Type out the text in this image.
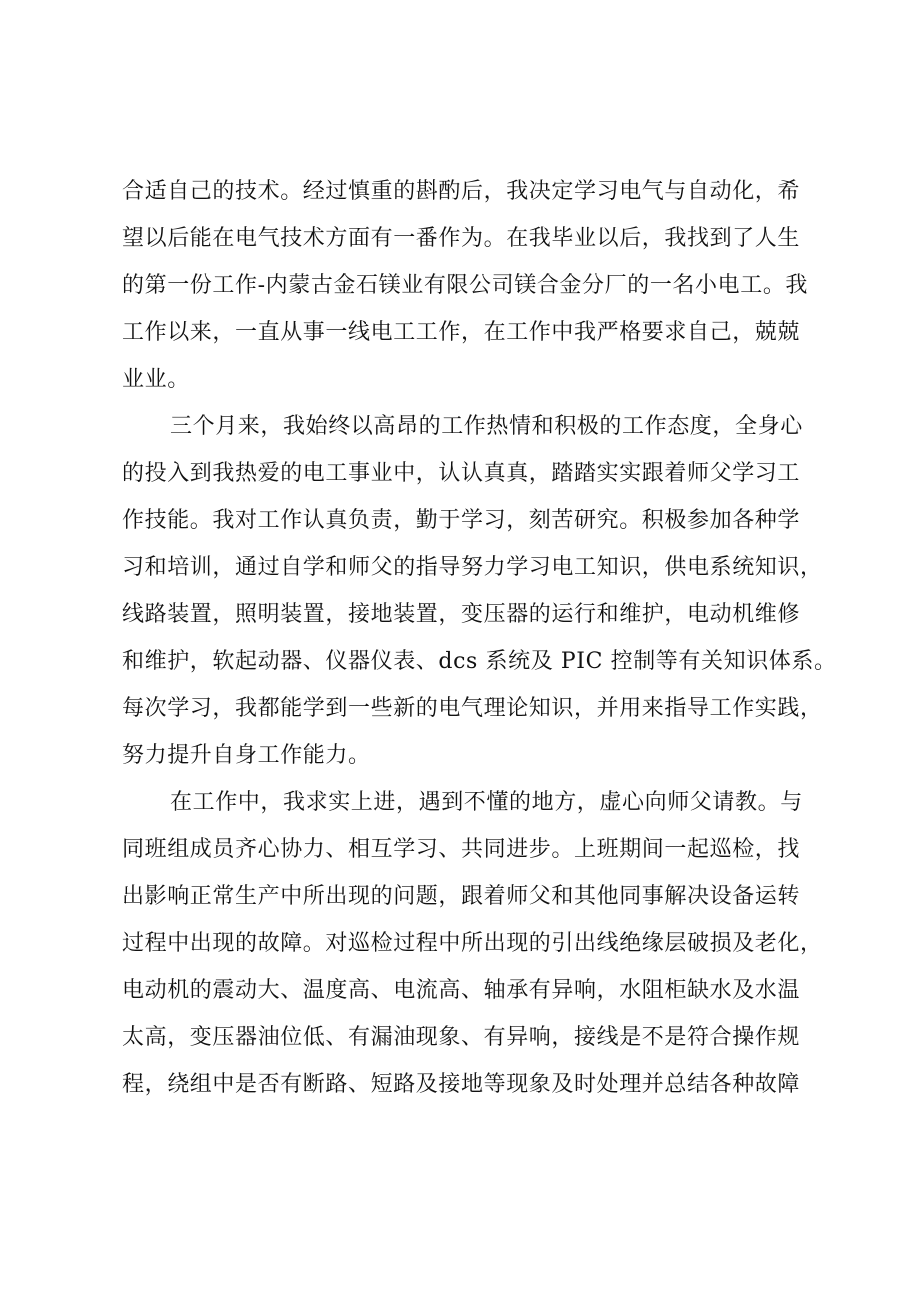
合适自己的技术。经过慎重的斟酌后，我决定学习电气与自动化，希
望以后能在电气技术方面有一番作为。在我毕业以后，我找到了人生
的第一份工作-内蒙古金石镁业有限公司镁合金分厂的一名小电工。我
工作以来，一直从事一线电工工作，在工作中我严格要求自己，兢兢
业业。
三个月来，我始终以高昂的工作热情和积极的工作态度，全身心
的投入到我热爱的电工事业中，认认真真，踏踏实实跟着师父学习工
作技能。我对工作认真负责，勤于学习，刻苦研究。积极参加各种学
习和培训，通过自学和师父的指导努力学习电工知识，供电系统知识，
线路装置，照明装置，接地装置，变压器的运行和维护，电动机维修
和维护，软起动器、仪器仪表、dcs 系统及 PIC 控制等有关知识体系。
每次学习，我都能学到一些新的电气理论知识，并用来指导工作实践，
努力提升自身工作能力。
在工作中，我求实上进，遇到不懂的地方，虚心向师父请教。与
同班组成员齐心协力、相互学习、共同进步。上班期间一起巡检，找
出影响正常生产中所出现的问题，跟着师父和其他同事解决设备运转
过程中出现的故障。对巡检过程中所出现的引出线绝缘层破损及老化，
电动机的震动大、温度高、电流高、轴承有异响，水阻柜缺水及水温
太高，变压器油位低、有漏油现象、有异响，接线是不是符合操作规
程，绕组中是否有断路、短路及接地等现象及时处理并总结各种故障
